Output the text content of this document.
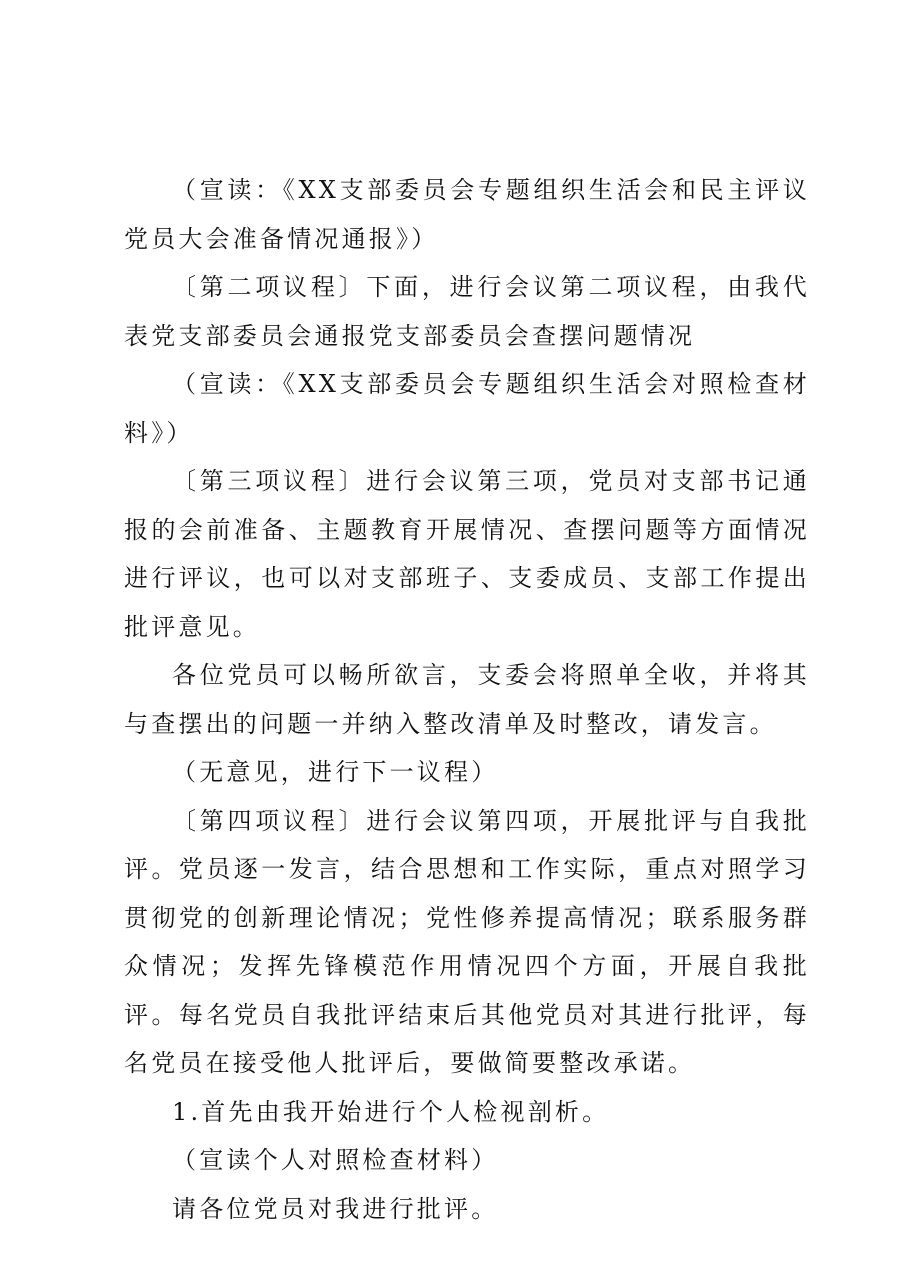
（宣读：《XX支部委员会专题组织生活会和民主评议党员大会准备情况通报》）

〔第二项议程〕下面，进行会议第二项议程，由我代表党支部委员会通报党支部委员会查摆问题情况

（宣读：《XX支部委员会专题组织生活会对照检查材料》）

〔第三项议程〕进行会议第三项，党员对支部书记通报的会前准备、主题教育开展情况、查摆问题等方面情况进行评议，也可以对支部班子、支委成员、支部工作提出批评意见。

各位党员可以畅所欲言，支委会将照单全收，并将其与查摆出的问题一并纳入整改清单及时整改，请发言。

（无意见，进行下一议程）

〔第四项议程〕进行会议第四项，开展批评与自我批评。党员逐一发言，结合思想和工作实际，重点对照学习贯彻党的创新理论情况；党性修养提高情况；联系服务群众情况；发挥先锋模范作用情况四个方面，开展自我批评。每名党员自我批评结束后其他党员对其进行批评，每名党员在接受他人批评后，要做简要整改承诺。

1.首先由我开始进行个人检视剖析。

（宣读个人对照检查材料）

请各位党员对我进行批评。
